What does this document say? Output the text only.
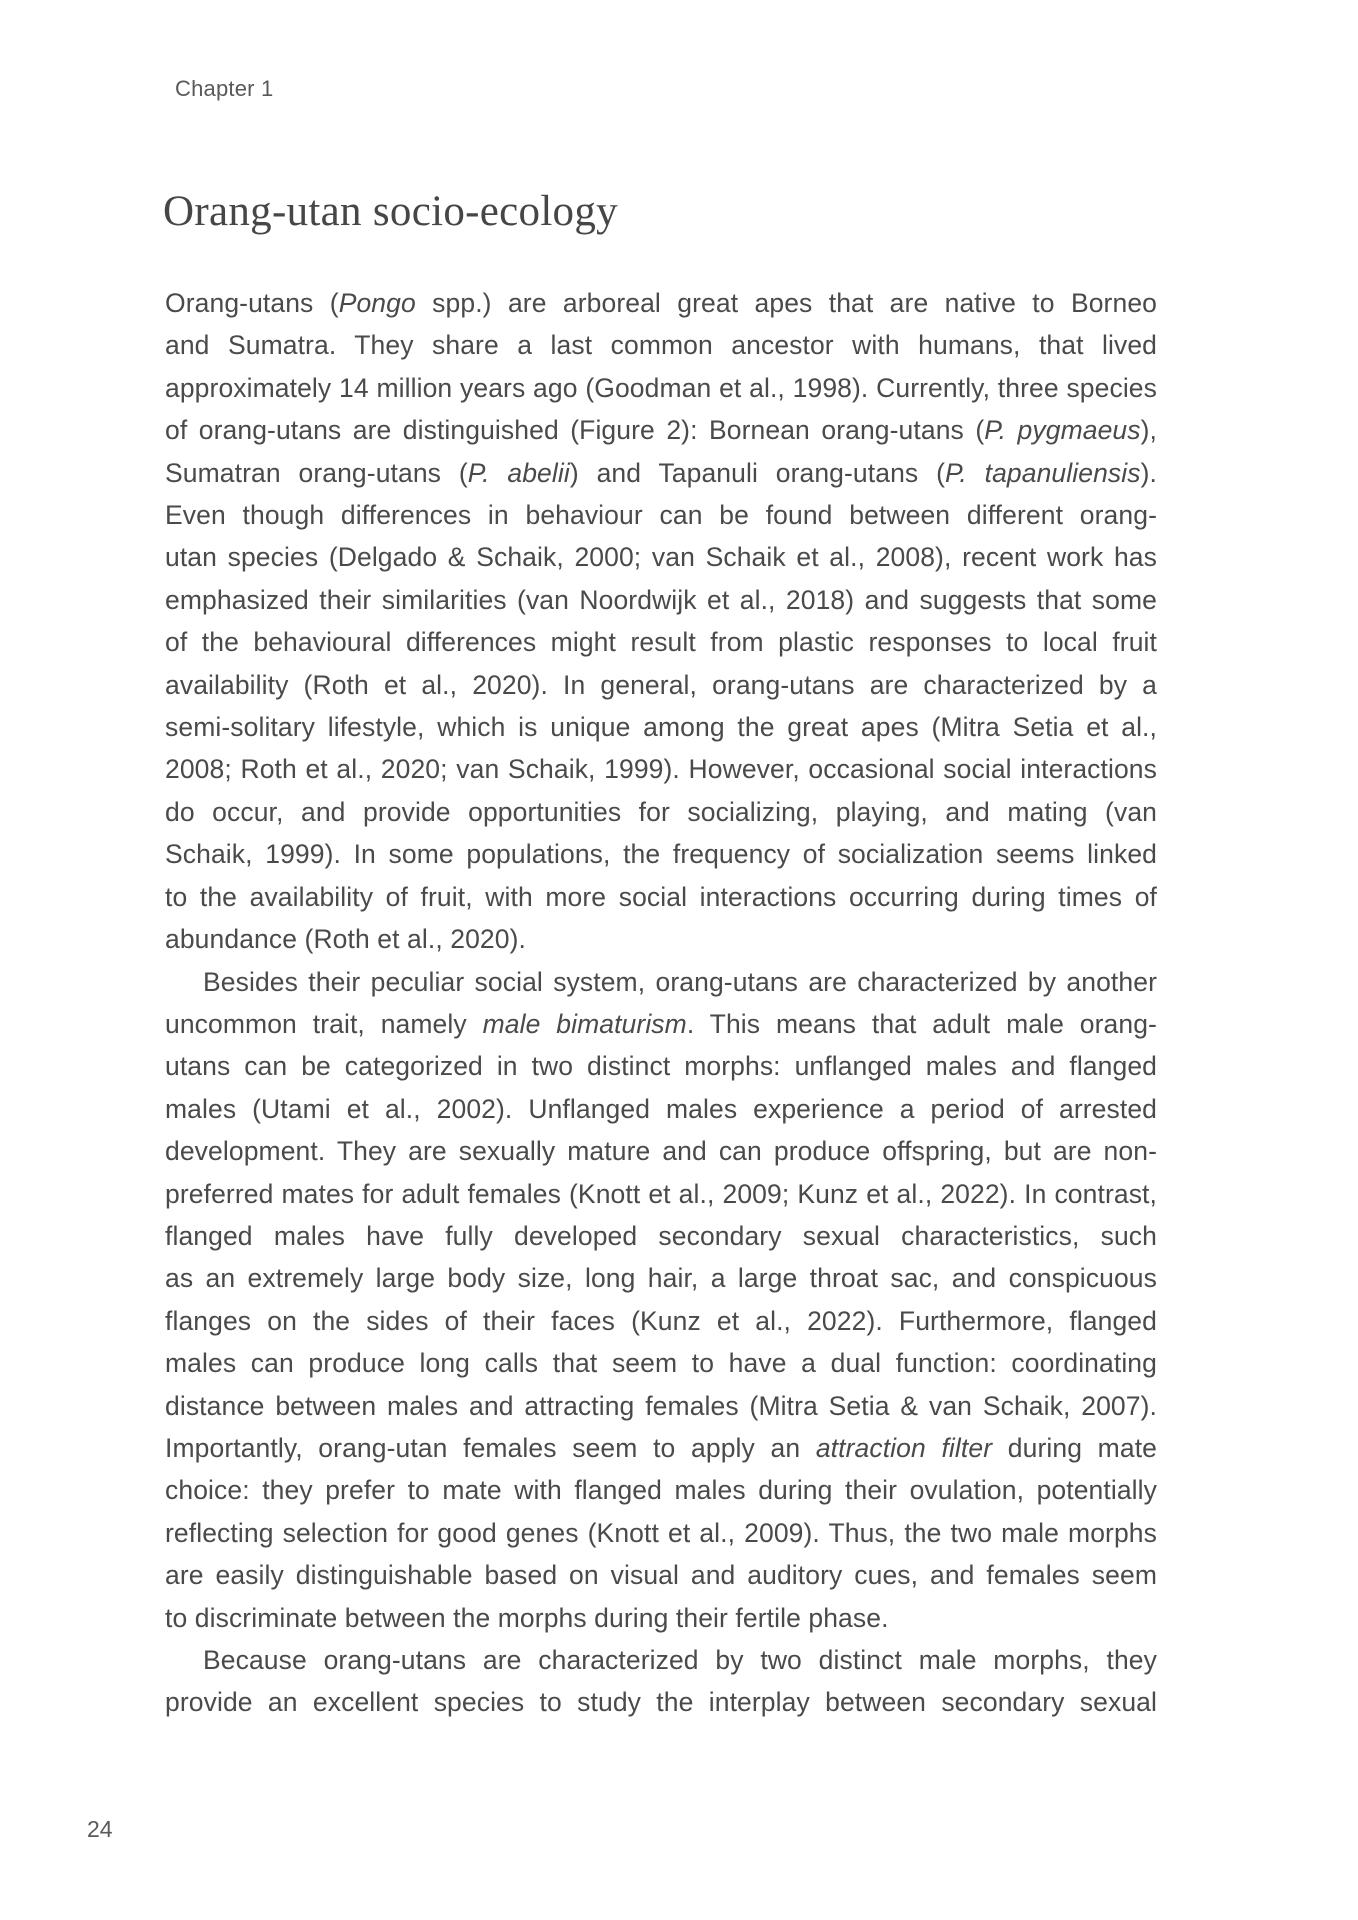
Chapter 1
Orang-utan socio-ecology
Orang-utans (Pongo spp.) are arboreal great apes that are native to Borneo
and Sumatra. They share a last common ancestor with humans, that lived
approximately 14 million years ago (Goodman et al., 1998). Currently, three species
of orang-utans are distinguished (Figure 2): Bornean orang-utans (P. pygmaeus),
Sumatran orang-utans (P. abelii) and Tapanuli orang-utans (P. tapanuliensis).
Even though differences in behaviour can be found between different orang-
utan species (Delgado & Schaik, 2000; van Schaik et al., 2008), recent work has
emphasized their similarities (van Noordwijk et al., 2018) and suggests that some
of the behavioural differences might result from plastic responses to local fruit
availability (Roth et al., 2020). In general, orang-utans are characterized by a
semi-solitary lifestyle, which is unique among the great apes (Mitra Setia et al.,
2008; Roth et al., 2020; van Schaik, 1999). However, occasional social interactions
do occur, and provide opportunities for socializing, playing, and mating (van
Schaik, 1999). In some populations, the frequency of socialization seems linked
to the availability of fruit, with more social interactions occurring during times of
abundance (Roth et al., 2020).
Besides their peculiar social system, orang-utans are characterized by another
uncommon trait, namely male bimaturism. This means that adult male orang-
utans can be categorized in two distinct morphs: unflanged males and flanged
males (Utami et al., 2002). Unflanged males experience a period of arrested
development. They are sexually mature and can produce offspring, but are non-
preferred mates for adult females (Knott et al., 2009; Kunz et al., 2022). In contrast,
flanged males have fully developed secondary sexual characteristics, such
as an extremely large body size, long hair, a large throat sac, and conspicuous
flanges on the sides of their faces (Kunz et al., 2022). Furthermore, flanged
males can produce long calls that seem to have a dual function: coordinating
distance between males and attracting females (Mitra Setia & van Schaik, 2007).
Importantly, orang-utan females seem to apply an attraction filter during mate
choice: they prefer to mate with flanged males during their ovulation, potentially
reflecting selection for good genes (Knott et al., 2009). Thus, the two male morphs
are easily distinguishable based on visual and auditory cues, and females seem
to discriminate between the morphs during their fertile phase.
Because orang-utans are characterized by two distinct male morphs, they
provide an excellent species to study the interplay between secondary sexual
24
